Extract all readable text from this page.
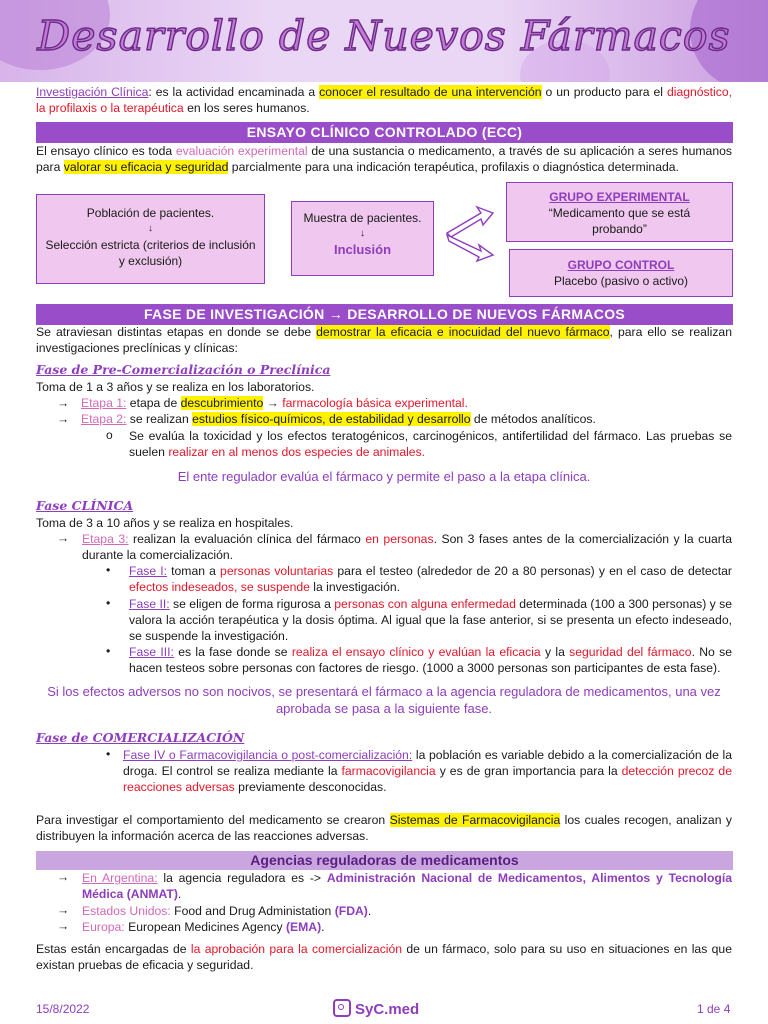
Desarrollo de Nuevos Fármacos
Investigación Clínica: es la actividad encaminada a conocer el resultado de una intervención o un producto para el diagnóstico, la profilaxis o la terapéutica en los seres humanos.
ENSAYO CLÍNICO CONTROLADO (ECC)
El ensayo clínico es toda evaluación experimental de una sustancia o medicamento, a través de su aplicación a seres humanos para valorar su eficacia y seguridad parcialmente para una indicación terapéutica, profilaxis o diagnóstica determinada.
Población de pacientes.
↓
Selección estricta (criterios de inclusión y exclusión)
Muestra de pacientes.
↓
Inclusión
GRUPO EXPERIMENTAL
“Medicamento que se está probando”
GRUPO CONTROL
Placebo (pasivo o activo)
FASE DE INVESTIGACIÓN → DESARROLLO DE NUEVOS FÁRMACOS
Se atraviesan distintas etapas en donde se debe demostrar la eficacia e inocuidad del nuevo fármaco, para ello se realizan investigaciones preclínicas y clínicas:
Fase de Pre-Comercialización o Preclínica
Toma de 1 a 3 años y se realiza en los laboratorios.
→ Etapa 1: etapa de descubrimiento → farmacología básica experimental.
→ Etapa 2: se realizan estudios físico-químicos, de estabilidad y desarrollo de métodos analíticos.
o Se evalúa la toxicidad y los efectos teratogénicos, carcinogénicos, antifertilidad del fármaco. Las pruebas se suelen realizar en al menos dos especies de animales.
El ente regulador evalúa el fármaco y permite el paso a la etapa clínica.
Fase CLÍNICA
Toma de 3 a 10 años y se realiza en hospitales.
→ Etapa 3: realizan la evaluación clínica del fármaco en personas. Son 3 fases antes de la comercialización y la cuarta durante la comercialización.
• Fase I: toman a personas voluntarias para el testeo (alrededor de 20 a 80 personas) y en el caso de detectar efectos indeseados, se suspende la investigación.
• Fase II: se eligen de forma rigurosa a personas con alguna enfermedad determinada (100 a 300 personas) y se valora la acción terapéutica y la dosis óptima. Al igual que la fase anterior, si se presenta un efecto indeseado, se suspende la investigación.
• Fase III: es la fase donde se realiza el ensayo clínico y evalúan la eficacia y la seguridad del fármaco. No se hacen testeos sobre personas con factores de riesgo. (1000 a 3000 personas son participantes de esta fase).
Si los efectos adversos no son nocivos, se presentará el fármaco a la agencia reguladora de medicamentos, una vez aprobada se pasa a la siguiente fase.
Fase de COMERCIALIZACIÓN
• Fase IV o Farmacovigilancia o post-comercialización: la población es variable debido a la comercialización de la droga. El control se realiza mediante la farmacovigilancia y es de gran importancia para la detección precoz de reacciones adversas previamente desconocidas.
Para investigar el comportamiento del medicamento se crearon Sistemas de Farmacovigilancia los cuales recogen, analizan y distribuyen la información acerca de las reacciones adversas.
Agencias reguladoras de medicamentos
→ En Argentina: la agencia reguladora es -> Administración Nacional de Medicamentos, Alimentos y Tecnología Médica (ANMAT).
→ Estados Unidos: Food and Drug Administation (FDA).
→ Europa: European Medicines Agency (EMA).
Estas están encargadas de la aprobación para la comercialización de un fármaco, solo para su uso en situaciones en las que existan pruebas de eficacia y seguridad.
15/8/2022	SyC.med	1 de 4
